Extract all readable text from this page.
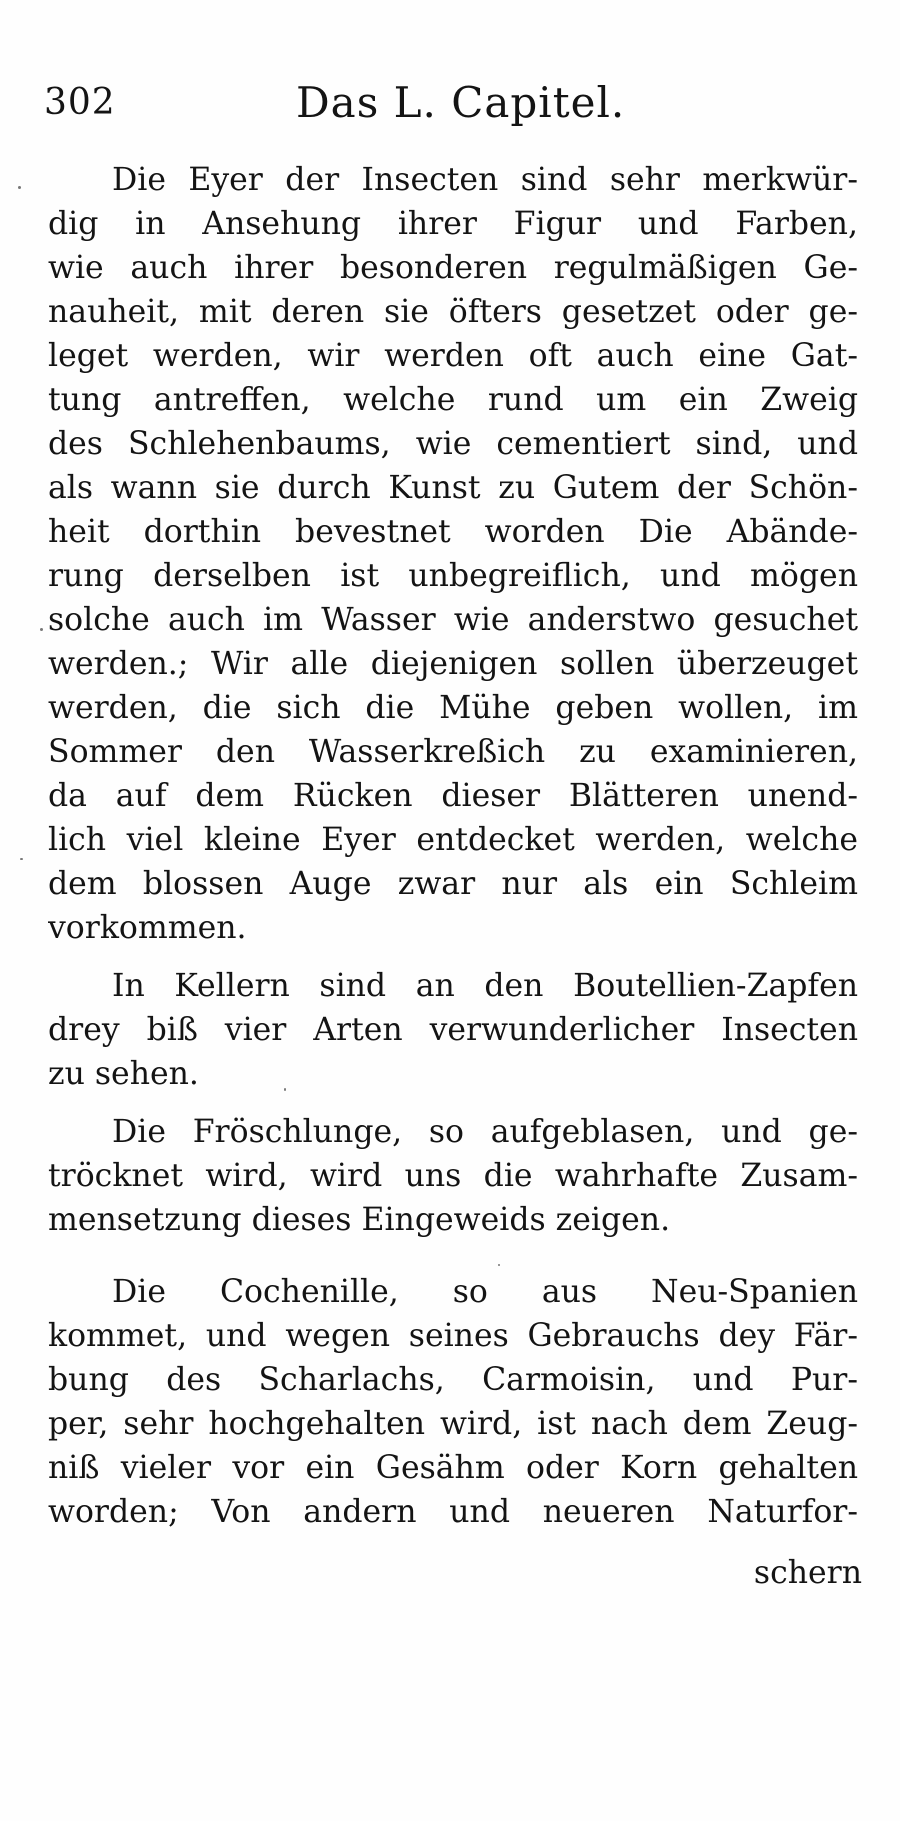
302	Das L. Capitel.
Die Eyer der Insecten sind sehr merkwür-
dig in Ansehung ihrer Figur und Farben,
wie auch ihrer besonderen regulmäßigen Ge-
nauheit, mit deren sie öfters gesetzet oder ge-
leget werden, wir werden oft auch eine Gat-
tung antreffen, welche rund um ein Zweig
des Schlehenbaums, wie cementiert sind, und
als wann sie durch Kunst zu Gutem der Schön-
heit dorthin bevestnet worden Die Abände-
rung derselben ist unbegreiflich, und mögen
solche auch im Wasser wie anderstwo gesuchet
werden.; Wir alle diejenigen sollen überzeuget
werden, die sich die Mühe geben wollen, im
Sommer den Wasserkreßich zu examinieren,
da auf dem Rücken dieser Blätteren unend-
lich viel kleine Eyer entdecket werden, welche
dem blossen Auge zwar nur als ein Schleim
vorkommen.
In Kellern sind an den Boutellien-Zapfen
drey biß vier Arten verwunderlicher Insecten
zu sehen.
Die Fröschlunge, so aufgeblasen, und ge-
tröcknet wird, wird uns die wahrhafte Zusam-
mensetzung dieses Eingeweids zeigen.
Die Cochenille, so aus Neu-Spanien
kommet, und wegen seines Gebrauchs dey Fär-
bung des Scharlachs, Carmoisin, und Pur-
per, sehr hochgehalten wird, ist nach dem Zeug-
niß vieler vor ein Gesähm oder Korn gehalten
worden; Von andern und neueren Naturfor-
schern
